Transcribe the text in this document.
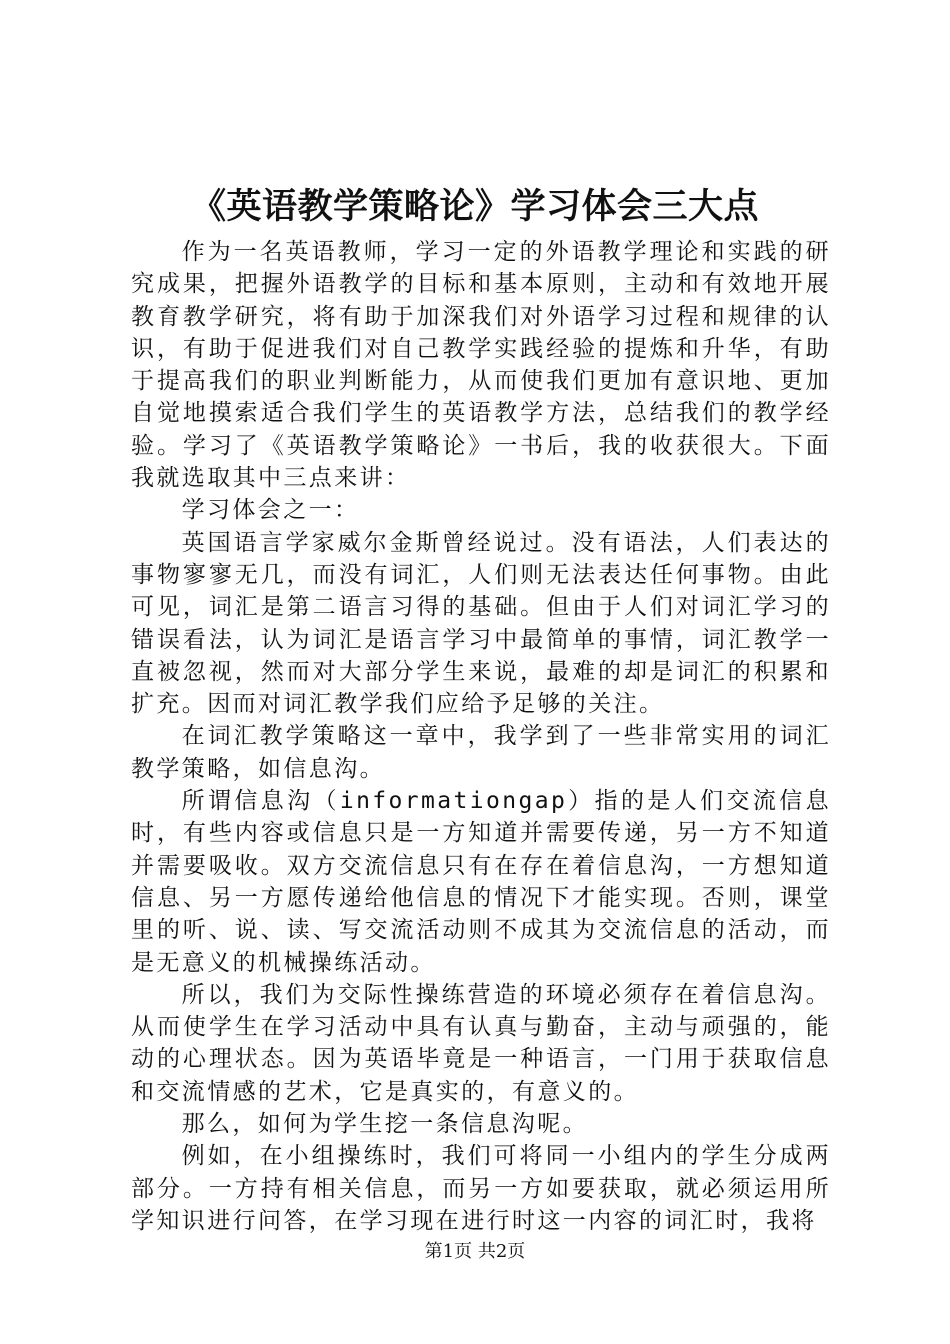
《英语教学策略论》学习体会三大点

作为一名英语教师，学习一定的外语教学理论和实践的研究成果，把握外语教学的目标和基本原则，主动和有效地开展教育教学研究，将有助于加深我们对外语学习过程和规律的认识，有助于促进我们对自己教学实践经验的提炼和升华，有助于提高我们的职业判断能力，从而使我们更加有意识地、更加自觉地摸索适合我们学生的英语教学方法，总结我们的教学经验。学习了《英语教学策略论》一书后，我的收获很大。下面我就选取其中三点来讲：

学习体会之一：

英国语言学家威尔金斯曾经说过。没有语法，人们表达的事物寥寥无几，而没有词汇，人们则无法表达任何事物。由此可见，词汇是第二语言习得的基础。但由于人们对词汇学习的错误看法，认为词汇是语言学习中最简单的事情，词汇教学一直被忽视，然而对大部分学生来说，最难的却是词汇的积累和扩充。因而对词汇教学我们应给予足够的关注。

在词汇教学策略这一章中，我学到了一些非常实用的词汇教学策略，如信息沟。

所谓信息沟（informationgap）指的是人们交流信息时，有些内容或信息只是一方知道并需要传递，另一方不知道并需要吸收。双方交流信息只有在存在着信息沟，一方想知道信息、另一方愿传递给他信息的情况下才能实现。否则，课堂里的听、说、读、写交流活动则不成其为交流信息的活动，而是无意义的机械操练活动。

所以，我们为交际性操练营造的环境必须存在着信息沟。从而使学生在学习活动中具有认真与勤奋，主动与顽强的，能动的心理状态。因为英语毕竟是一种语言，一门用于获取信息和交流情感的艺术，它是真实的，有意义的。

那么，如何为学生挖一条信息沟呢。

例如，在小组操练时，我们可将同一小组内的学生分成两部分。一方持有相关信息，而另一方如要获取，就必须运用所学知识进行问答，在学习现在进行时这一内容的词汇时，我将

第1页 共2页
